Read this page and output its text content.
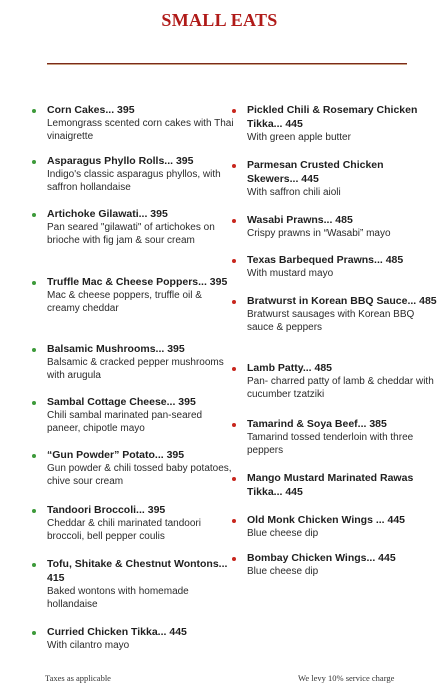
SMALL EATS
Corn Cakes... 395
Lemongrass scented corn cakes with Thai vinaigrette
Asparagus Phyllo Rolls... 395
Indigo's classic asparagus phyllos, with saffron hollandaise
Artichoke Gilawati... 395
Pan seared "gilawati" of artichokes on brioche with fig jam & sour cream
Truffle Mac & Cheese Poppers... 395
Mac & cheese poppers, truffle oil & creamy cheddar
Balsamic Mushrooms... 395
Balsamic & cracked pepper mushrooms with arugula
Sambal Cottage Cheese... 395
Chili sambal marinated pan-seared paneer, chipotle mayo
“Gun Powder” Potato... 395
Gun powder & chili tossed baby potatoes, chive sour cream
Tandoori Broccoli... 395
Cheddar & chili marinated tandoori broccoli, bell pepper coulis
Tofu, Shitake & Chestnut Wontons... 415
Baked wontons with homemade hollandaise
Curried Chicken Tikka... 445
With cilantro mayo
Pickled Chili & Rosemary Chicken Tikka... 445
With green apple butter
Parmesan Crusted Chicken Skewers... 445
With saffron chili aioli
Wasabi Prawns... 485
Crispy prawns in “Wasabi” mayo
Texas Barbequed Prawns... 485
With mustard mayo
Bratwurst in Korean BBQ Sauce... 485
Bratwurst sausages with Korean BBQ sauce & peppers
Lamb Patty... 485
Pan- charred patty of lamb & cheddar with cucumber tzatziki
Tamarind & Soya Beef... 385
Tamarind tossed tenderloin with three peppers
Mango Mustard Marinated Rawas Tikka... 445
Old Monk Chicken Wings ... 445
Blue cheese dip
Bombay Chicken Wings... 445
Blue cheese dip
Taxes as applicable	We levy 10% service charge
